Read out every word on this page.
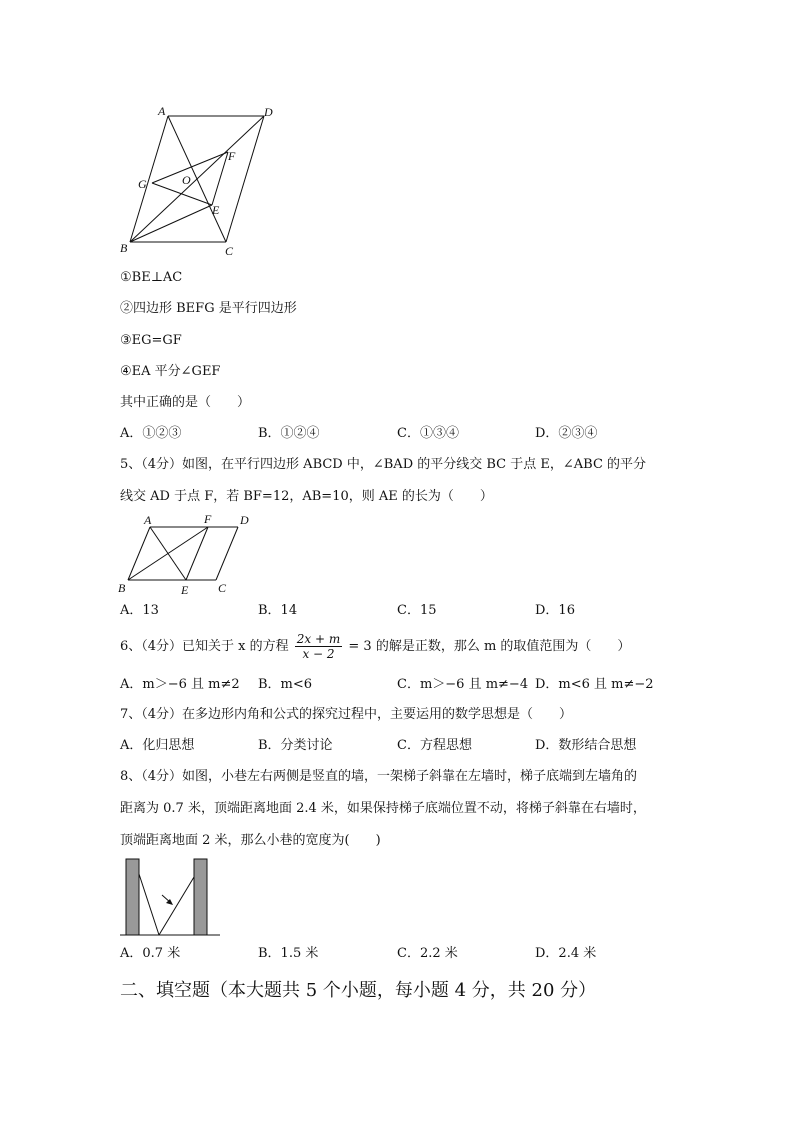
A	D
F
G	O
E
B	C
①BE⊥AC
②四边形 BEFG 是平行四边形
③EG=GF
④EA 平分∠GEF
其中正确的是（　　）
A．①②③	B．①②④	C．①③④	D．②③④
5、（4分）如图，在平行四边形 ABCD 中，∠BAD 的平分线交 BC 于点 E，∠ABC 的平分
线交 AD 于点 F，若 BF=12，AB=10，则 AE 的长为（　　）
A	F D
B	E C
A．13	B．14	C．15	D．16
6、（4分）已知关于 x 的方程 $\frac{2x + m}{x - 2} = 3$ 的解是正数，那么 m 的取值范围为（　　）
A．m＞−6 且 m≠2 B．m<6	C．m＞−6 且 m≠−4 D．m<6 且 m≠−2
7、（4分）在多边形内角和公式的探究过程中，主要运用的数学思想是（　　）
A．化归思想	B．分类讨论	C．方程思想	D．数形结合思想
8、（4分）如图，小巷左右两侧是竖直的墙，一架梯子斜靠在左墙时，梯子底端到左墙角的
距离为 0.7 米，顶端距离地面 2.4 米，如果保持梯子底端位置不动，将梯子斜靠在右墙时，
顶端距离地面 2 米，那么小巷的宽度为(　　)
A．0.7 米	B．1.5 米	C．2.2 米	D．2.4 米
二、填空题（本大题共 5 个小题，每小题 4 分，共 20 分）
